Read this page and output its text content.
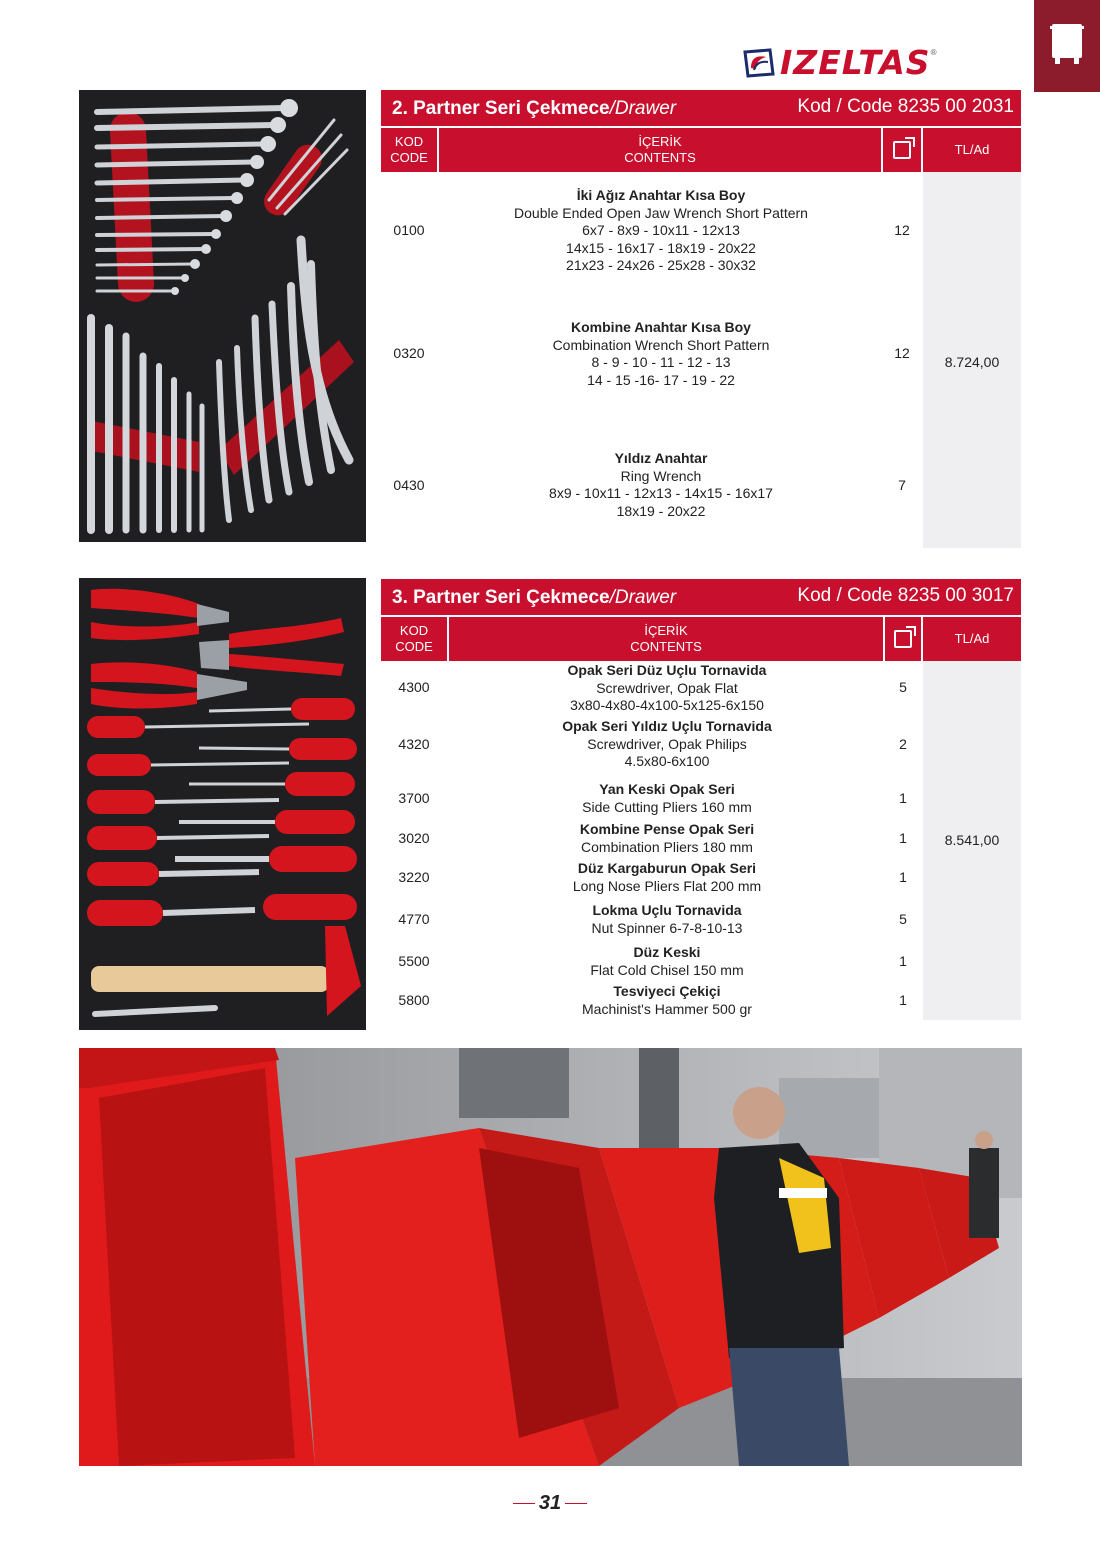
IZELTAS ®
2. Partner Seri Çekmece/Drawer	Kod / Code 8235 00 2031
KOD
CODE
İÇERİK
CONTENTS
TL/Ad
8.724,00
0100
İki Ağız Anahtar Kısa Boy
Double Ended Open Jaw Wrench Short Pattern
6x7 - 8x9 - 10x11 - 12x13
14x15 - 16x17 - 18x19 - 20x22
21x23 - 24x26 - 25x28 - 30x32
12
0320
Kombine Anahtar Kısa Boy
Combination Wrench Short Pattern
8 - 9 - 10 - 11 - 12 - 13
14 - 15 -16- 17 - 19 - 22
12
0430
Yıldız Anahtar
Ring Wrench
8x9 - 10x11 - 12x13 - 14x15 - 16x17
18x19 - 20x22
7
3. Partner Seri Çekmece/Drawer	Kod / Code 8235 00 3017
KOD
CODE
İÇERİK
CONTENTS
TL/Ad
8.541,00
4300
Opak Seri Düz Uçlu Tornavida
Screwdriver, Opak Flat
3x80-4x80-4x100-5x125-6x150
5
4320
Opak Seri Yıldız Uçlu Tornavida
Screwdriver, Opak Philips
4.5x80-6x100
2
3700
Yan Keski Opak Seri
Side Cutting Pliers 160 mm
1
3020
Kombine Pense Opak Seri
Combination Pliers 180 mm
1
3220
Düz Kargaburun Opak Seri
Long Nose Pliers Flat 200 mm
1
4770
Lokma Uçlu Tornavida
Nut Spinner 6-7-8-10-13
5
5500
Düz Keski
Flat Cold Chisel 150 mm
1
5800
Tesviyeci Çekiçi
Machinist's Hammer 500 gr
1
31
